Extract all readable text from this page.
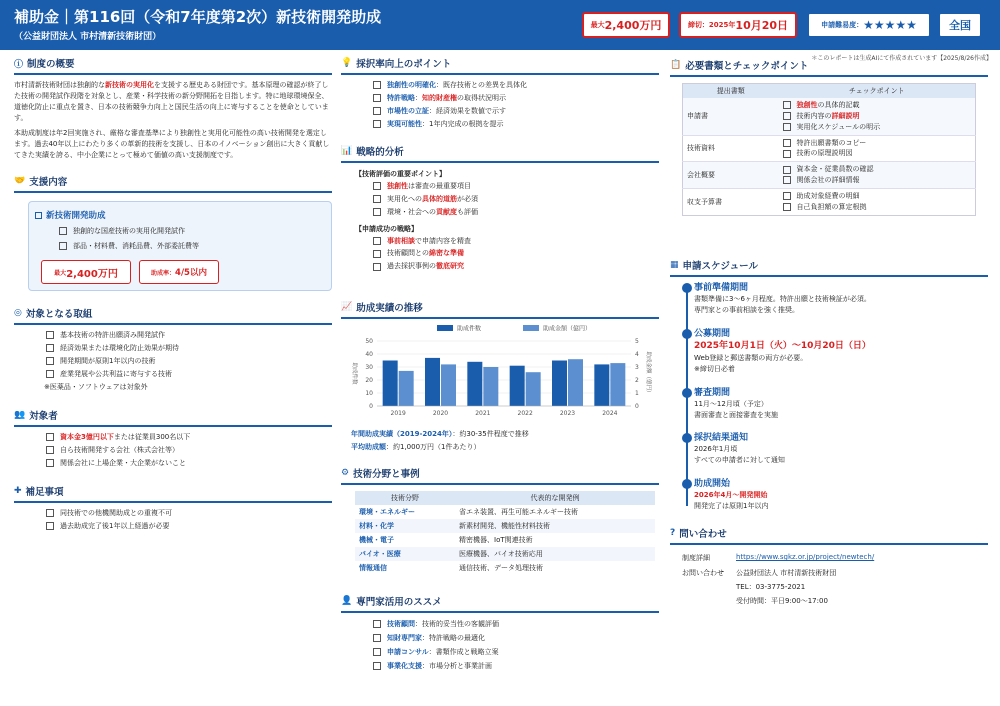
補助金｜第116回（令和7年度第2次）新技術開発助成
（公益財団法人 市村清新技術財団）
最大 2,400万円	締切：2025年 10月20日	申請難易度： ★★★★★	全国
＊このレポートは生成AIにて作成されています【2025/8/26作成】
ⓘ 制度の概要

市村清新技術財団は独創的な新技術の実用化を支援する歴史ある財団です。基本原理の確認が終了した技術の開発試作段階を対象とし、産業・科学技術の新分野開拓を目指します。特に地球環境保全、道徳化防止に重点を置き、日本の技術競争力向上と国民生活の向上に寄与することを使命としています。

本助成制度は年2回実施され、厳格な審査基準により独創性と実用化可能性の高い技術開発を選定します。過去40年以上にわたり多くの革新的技術を支援し、日本のイノベーション創出に大きく貢献してきた実績を誇る、中小企業にとって極めて価値の高い支援制度です。

🤝 支援内容
新技術開発助成
独創的な国産技術の実用化開発試作
部品・材料費、消耗品費、外部委託費等
最大 2,400万円	助成率： 4/5以内
◎ 対象となる取組
基本技術の特許出願済み開発試作
経済効果または環境化防止効果が期待
開発期間が原則1年以内の技術
産業発展や公共利益に寄与する技術
※医薬品・ソフトウェアは対象外
👥 対象者
資本金3億円以下 または従業員300名以下
自ら技術開発する会社（株式会社等）
関係会社に上場企業・大企業がないこと
✚ 補足事項
同技術での他機関助成との重複不可
過去助成完了後1年以上経過が必要
💡 採択率向上のポイント
独創性の明確化 ：既存技術との差異を具体化
特許戦略 ： 知的財産権 の取得状況明示
市場性の立証 ：経済効果を数値で示す
実現可能性 ：1年内完成の根拠を提示
📊 戦略的分析
【技術評価の重要ポイント】
独創性 は審査の最重要項目
実用化への 具体的道筋 が必須
環境・社会への 貢献度 も評価
【申請成功の戦略】
事前相談 で申請内容を精査
技術顧問との 綿密な準備
過去採択事例の 徹底研究
📈 助成実績の推移
0
10
20
30
40
50
0
1
2
3
4
5
助成件数	助成金額（億円）
2019	2020	2021	2022	2023	2024
助成件数	助成金額（億円）
年間助成実績（2019-2024年）：約30-35件程度で推移
平均助成額：約1,000万円（1件あたり）
⚙ 技術分野と事例
技術分野	代表的な開発例
環境・エネルギー	省エネ装置、再生可能エネルギー技術
材料・化学	新素材開発、機能性材料技術
機械・電子	精密機器、IoT関連技術
バイオ・医療	医療機器、バイオ技術応用
情報通信	通信技術、データ処理技術
👤 専門家活用のススメ
技術顧問 ：技術的妥当性の客観評価
知財専門家 ：特許戦略の最適化
申請コンサル ：書類作成と戦略立案
事業化支援 ：市場分析と事業計画
📋 必要書類とチェックポイント
提出書類	チェックポイント
申請書	独創性 の具体的記載
技術内容の 詳細説明
実用化スケジュールの明示

技術資料	特許出願書類のコピー
技術の原理説明図

会社概要	資本金・従業員数の確認
関係会社の詳細情報

収支予算書	助成対象経費の明細
自己負担額の算定根拠
▦ 申請スケジュール
事前準備期間
書類準備に3〜6ヶ月程度。特許出願と技術検証が必須。
専門家との事前相談を強く推奨。
公募期間
2025年10月1日（火）〜10月20日（日）
Web登録と郵送書類の両方が必要。
※締切日必着
審査期間
11月〜12月頃（予定）
書面審査と面接審査を実施
採択結果通知
2026年1月頃
すべての申請者に対して通知
助成開始
2026年4月〜開発開始
開発完了は原則1年以内
? 問い合わせ
制度詳細	https://www.sgkz.or.jp/project/newtech/
お問い合わせ 公益財団法人 市村清新技術財団
TEL：03-3775-2021
受付時間：平日9:00〜17:00
